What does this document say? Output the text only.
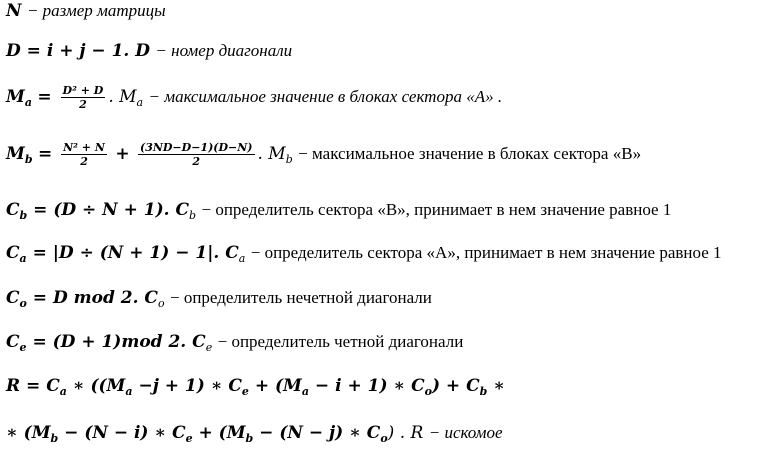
N − размер матрицы
D = i + j − 1. D − номер диагонали
$M_a = \frac{\text{D² + D}}{2}$ . $M_a$ − максимальное значение в блоках сектора «А» .
$M_b = \frac{\text{N² + N}}{2} + \frac{(3ND-D-1)(D-N)}{2}$ . $M_b$ − максимальное значение в блоках сектора «В»
$C_b = (D \div N + 1)$. $C_b$ − определитель сектора «В», принимает в нем значение равное 1
$C_a = |D \div (N + 1) - 1|$. $C_a$ − определитель сектора «А», принимает в нем значение равное 1
$C_o = D$ mod 2. $C_o$ − определитель нечетной диагонали
$C_e = (D + 1)mod$ 2. $C_e$ − определитель четной диагонали
$R = C_a$ ∗ ($(M_a -j + 1)$ ∗ $C_e + (M_a - i + 1)$ ∗ $C_o) + C_b$ ∗
∗ ($M_b - (N - i)$ ∗ $C_e + (M_b - (N - j)$ ∗ $C_o$) . R − искомое
